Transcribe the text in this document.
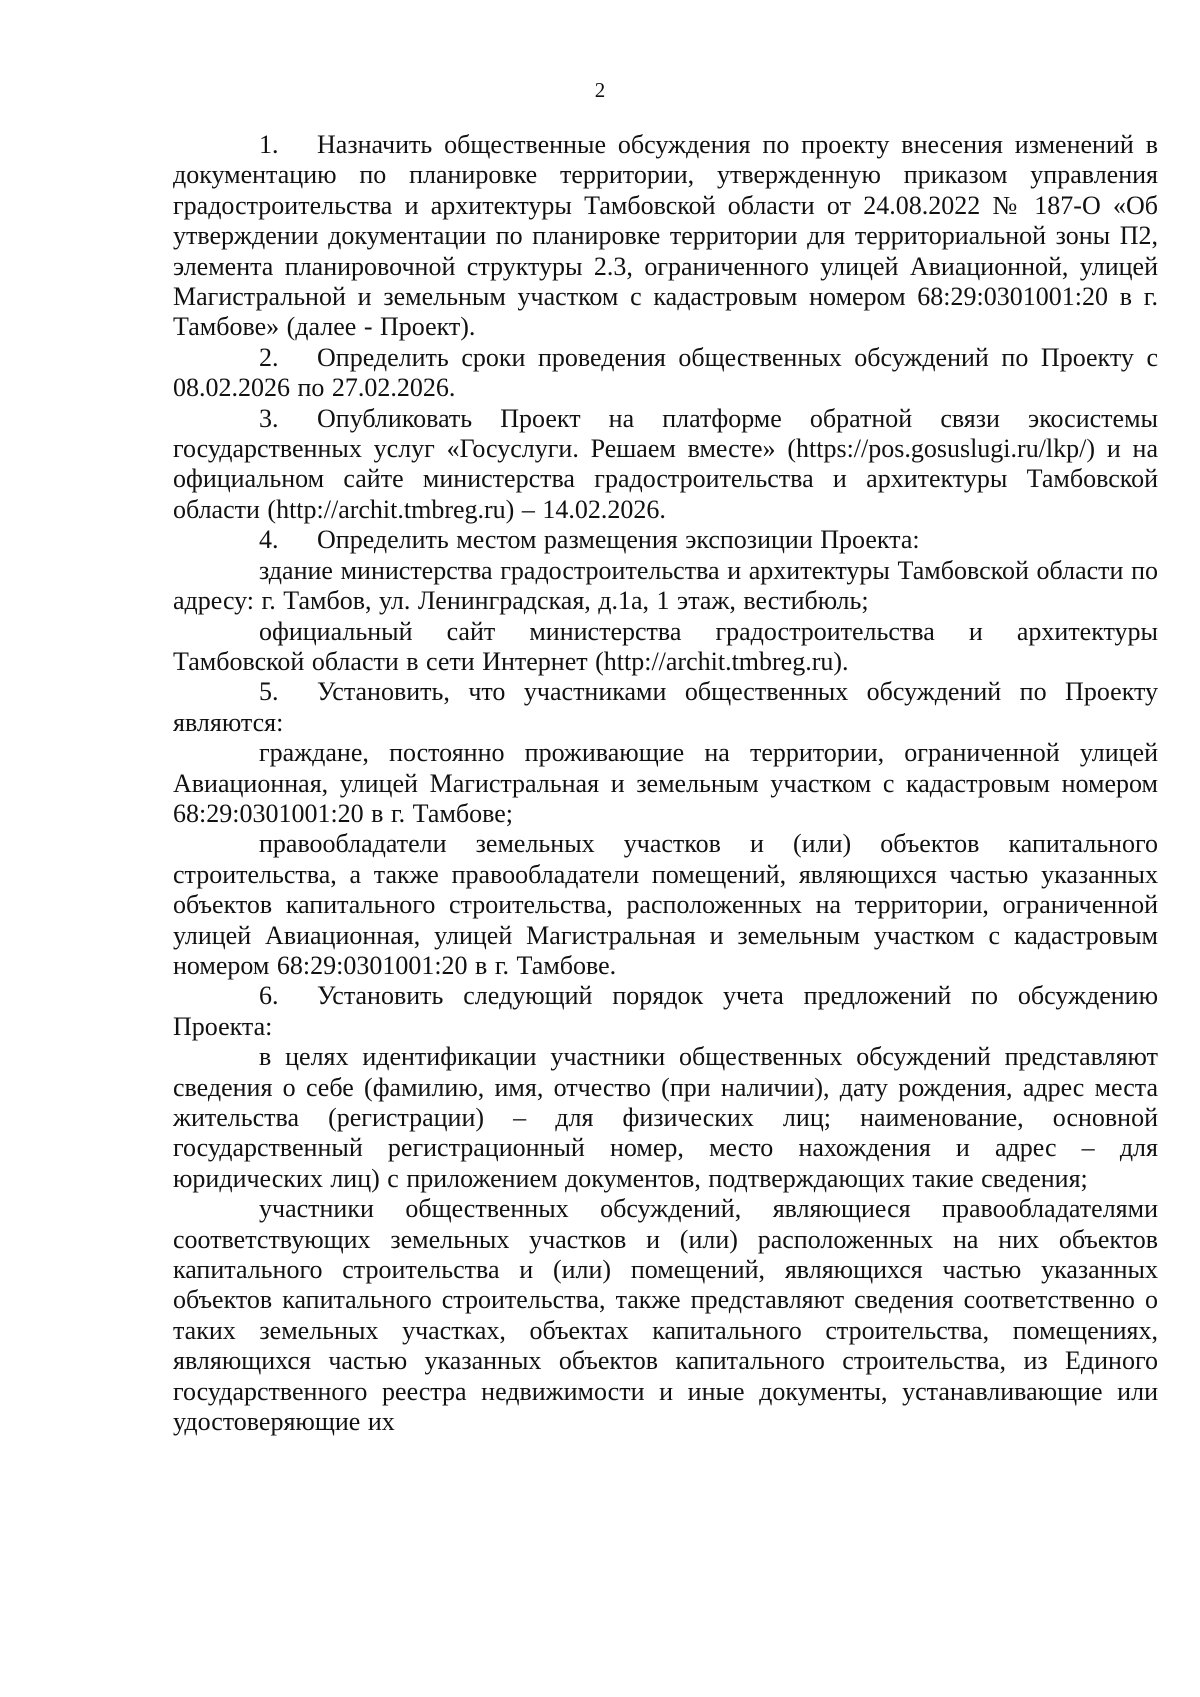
2

1. Назначить общественные обсуждения по проекту внесения изменений в документацию по планировке территории, утвержденную приказом управления градостроительства и архитектуры Тамбовской области от 24.08.2022 № 187-О «Об утверждении документации по планировке территории для территориальной зоны П2, элемента планировочной структуры 2.3, ограниченного улицей Авиационной, улицей Магистральной и земельным участком с кадастровым номером 68:29:0301001:20 в г. Тамбове» (далее - Проект).

2. Определить сроки проведения общественных обсуждений по Проекту с 08.02.2026 по 27.02.2026.

3. Опубликовать Проект на платформе обратной связи экосистемы государственных услуг «Госуслуги. Решаем вместе» (https://pos.gosuslugi.ru/lkp/) и на официальном сайте министерства градостроительства и архитектуры Тамбовской области (http://archit.tmbreg.ru) – 14.02.2026.

4. Определить местом размещения экспозиции Проекта:

здание министерства градостроительства и архитектуры Тамбовской области по адресу: г. Тамбов, ул. Ленинградская, д.1а, 1 этаж, вестибюль;

официальный сайт министерства градостроительства и архитектуры Тамбовской области в сети Интернет (http://archit.tmbreg.ru).

5. Установить, что участниками общественных обсуждений по Проекту являются:

граждане, постоянно проживающие на территории, ограниченной улицей Авиационная, улицей Магистральная и земельным участком с кадастровым номером 68:29:0301001:20 в г. Тамбове;

правообладатели земельных участков и (или) объектов капитального строительства, а также правообладатели помещений, являющихся частью указанных объектов капитального строительства, расположенных на территории, ограниченной улицей Авиационная, улицей Магистральная и земельным участком с кадастровым номером 68:29:0301001:20 в г. Тамбове.

6. Установить следующий порядок учета предложений по обсуждению Проекта:

в целях идентификации участники общественных обсуждений представляют сведения о себе (фамилию, имя, отчество (при наличии), дату рождения, адрес места жительства (регистрации) – для физических лиц; наименование, основной государственный регистрационный номер, место нахождения и адрес – для юридических лиц) с приложением документов, подтверждающих такие сведения;

участники общественных обсуждений, являющиеся правообладателями соответствующих земельных участков и (или) расположенных на них объектов капитального строительства и (или) помещений, являющихся частью указанных объектов капитального строительства, также представляют сведения соответственно о таких земельных участках, объектах капитального строительства, помещениях, являющихся частью указанных объектов капитального строительства, из Единого государственного реестра недвижимости и иные документы, устанавливающие или удостоверяющие их
